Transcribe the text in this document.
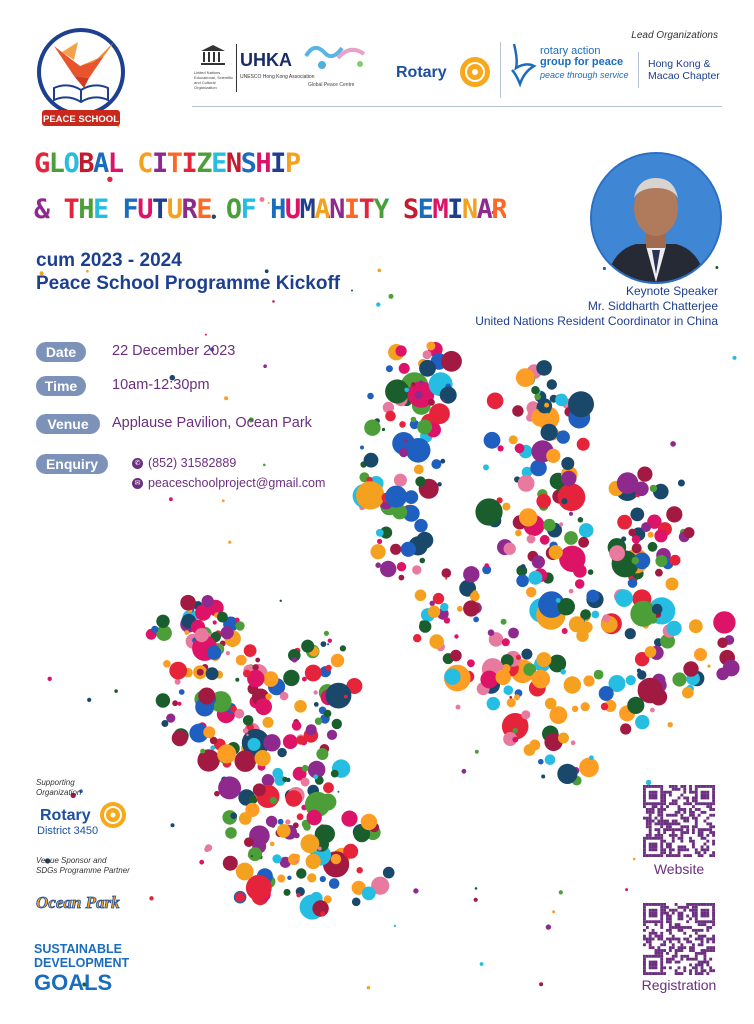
PEACE SCHOOL
Lead Organizations
United Nations Educational, Scientific and Cultural Organization
UHKA
UNESCO Hong Kong Association
Global Peace Centre
Rotary
rotary action
group for peace
peace through service
Hong Kong &
Macao Chapter
GLOBAL CITIZENSHIP
& THE FUTURE OF HUMANITY SEMINAR
cum 2023 - 2024
Peace School Programme Kickoff	Keynote Speaker
Mr. Siddharth Chatterjee
United Nations Resident Coordinator in China
Date	22 December 2023
Time	10am-12:30pm
Venue	Applause Pavilion, Ocean Park
Enquiry	✆ (852) 31582889
✉ peaceschoolproject@gmail.com
Supporting
Organization
Rotary
District 3450
Venue Sponsor and
SDGs Programme Partner
Ocean Park
SUSTAINABLE
DEVELOPMENT
GOALS
Website
Registration
